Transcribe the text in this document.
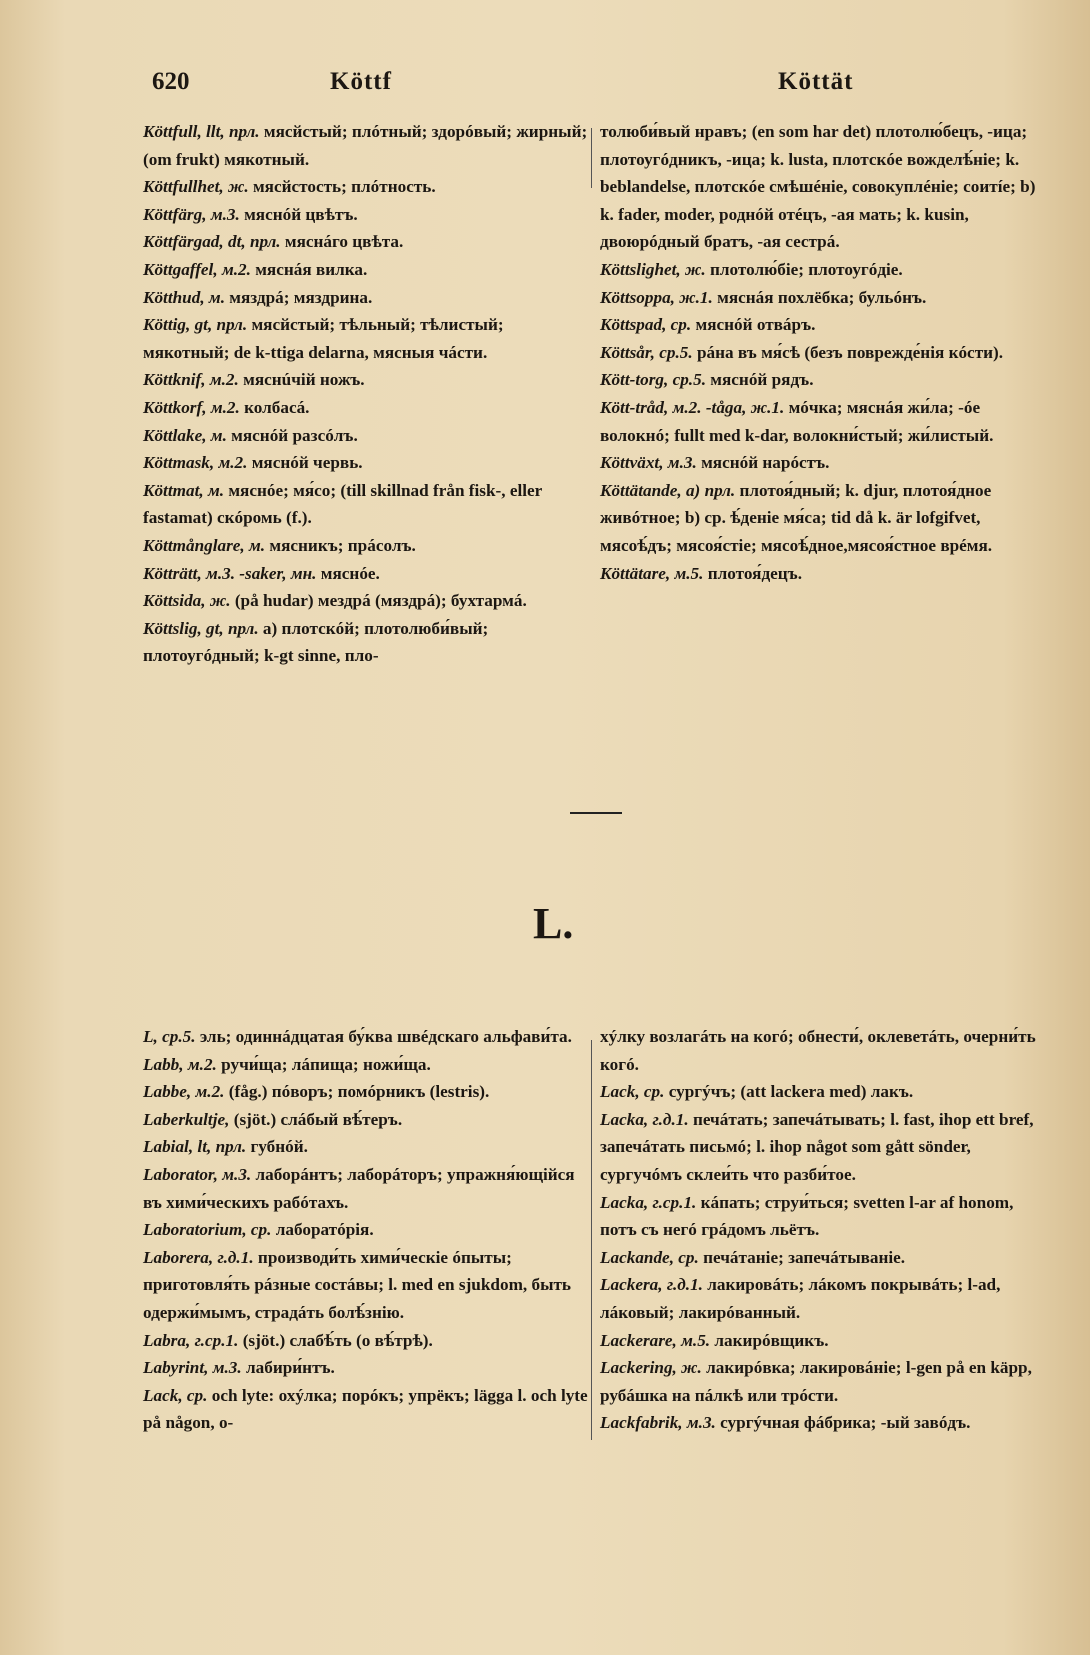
620	Köttf	Köttät

Köttfull, llt, прл. мясйстый; плóтный; здорóвый; жирный; (om frukt) мякотный.

Köttfullhet, ж. мясйстость; плóтность.

Köttfärg, м.3. мяснóй цвѣтъ.

Köttfärgad, dt, прл. мяснáго цвѣта.

Köttgaffel, м.2. мяснáя вилка.

Kötthud, м. мяздрá; мяздрина.

Köttig, gt, прл. мясйстый; тѣльный; тѣлистый; мякотный; de k-ttiga delarna, мясныя чáсти.

Köttknif, м.2. мяснúчій ножъ.

Köttkorf, м.2. колбасá.

Köttlake, м. мяснóй разсóлъ.

Köttmask, м.2. мяснóй червь.

Köttmat, м. мяснóе; мя́со; (till skillnad från fisk-, eller fastamat) скóромь (f.).

Köttmånglare, м. мясникъ; прáсолъ.

Kötträtt, м.3. -saker, мн. мяснóе.

Köttsida, ж. (på hudar) мездрá (мяздрá); бухтармá.

Köttslig, gt, прл. a) плотскóй; плотолюби́вый; плотоугóдный; k-gt sinne, пло-

толюби́вый нравъ; (en som har det) плотолю́бецъ, -ица; плотоугóдникъ, -ица; k. lusta, плотскóе вожделѣ́ніе; k. beblandelse, плотскóе смѣшéніе, совокуплéніе; соитíе; b) k. fader, moder, роднóй отéцъ, -ая мать; k. kusin, двоюрóдный братъ, -ая сестрá.

Köttslighet, ж. плотолю́біе; плотоугóдіе.

Köttsoppa, ж.1. мяснáя похлёбка; бульóнъ.

Köttspad, ср. мяснóй отвáръ.

Köttsår, ср.5. рáна въ мя́сѣ (безъ поврежде́нія кóсти).

Kött-torg, ср.5. мяснóй рядъ.

Kött-tråd, м.2. -tåga, ж.1. мóчка; мяснáя жи́ла; -óе волокнó; fullt med k-dar, волокни́стый; жи́листый.

Köttväxt, м.3. мяснóй нарóстъ.

Köttätande, a) прл. плотоя́дный; k. djur, плотоя́дное живóтное; b) ср. ѣ́деніе мя́са; tid då k. är lofgifvet, мясоѣ́дъ; мясоя́стіе; мясоѣ́дное,мясоя́стное врéмя.

Köttätare, м.5. плотоя́децъ.

L.

L, ср.5. эль; одиннáдцатая бу́ква швéдскаго альфави́та.

Labb, м.2. ручи́ща; лáпища; ножи́ща.

Labbe, м.2. (fåg.) пóворъ; помóрникъ (lestris).

Laberkultje, (sjöt.) слáбый вѣ́теръ.

Labial, lt, прл. губнóй.

Laborator, м.3. лаборáнтъ; лаборáторъ; упражня́ющійся въ хими́ческихъ рабóтахъ.

Laboratorium, ср. лаборатóрія.

Laborera, г.д.1. производи́ть хими́ческіе óпыты; приготовля́ть рáзные состáвы; l. med en sjukdom, быть одержи́мымъ, страдáть болѣ́знію.

Labra, г.ср.1. (sjöt.) слабѣ́ть (о вѣ́трѣ).

Labyrint, м.3. лабири́нтъ.

Lack, ср. och lyte: охýлка; порóкъ; упрёкъ; lägga l. och lyte på någon, о-

хýлку возлагáть на когó; обнести́, оклеветáть, очерни́ть когó.

Lack, ср. сургýчъ; (att lackera med) лакъ.

Lacka, г.д.1. печáтать; запечáтывать; l. fast, ihop ett bref, запечáтать письмó; l. ihop något som gått sönder, сургучóмъ склеи́ть что разби́тое.

Lacka, г.ср.1. кáпать; струи́ться; svetten l-ar af honom, потъ съ негó грáдомъ льётъ.

Lackande, ср. печáтаніе; запечáтываніе.

Lackera, г.д.1. лакировáть; лáкомъ покрывáть; l-ad, лáковый; лакирóванный.

Lackerare, м.5. лакирóвщикъ.

Lackering, ж. лакирóвка; лакировáніе; l-gen på en käpp, рубáшка на пáлкѣ или трóсти.

Lackfabrik, м.3. сургýчная фáбрика; -ый завóдъ.
